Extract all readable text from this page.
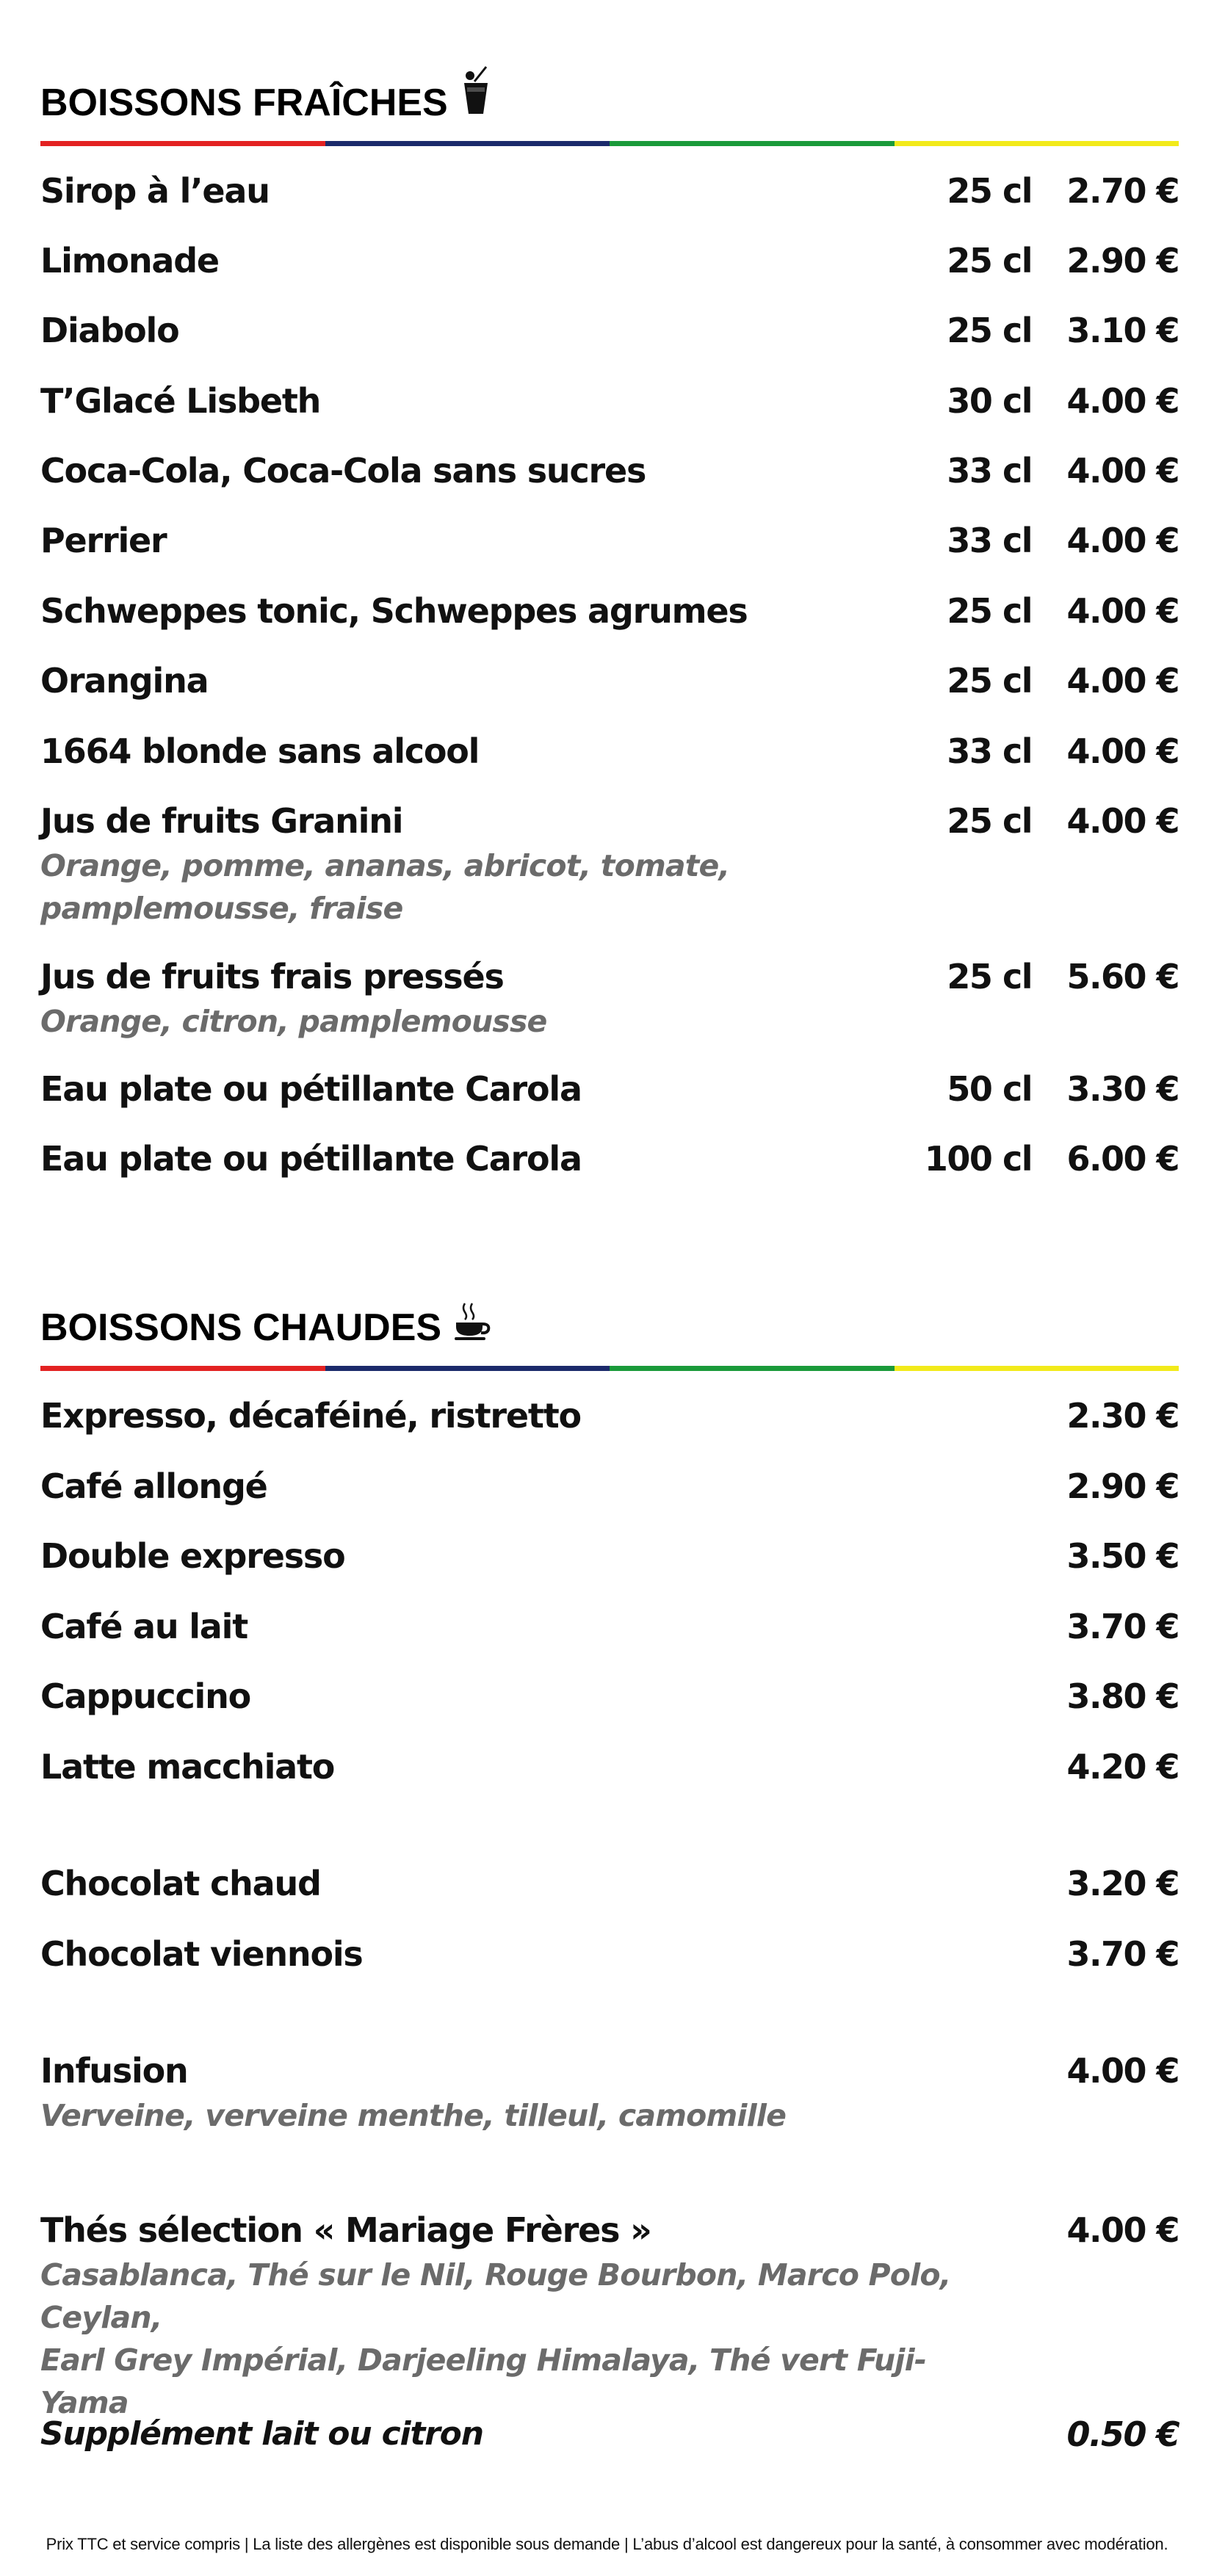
BOISSONS FRAÎCHES
Sirop à l’eau	25 cl	2.70 €
Limonade	25 cl	2.90 €
Diabolo	25 cl	3.10 €
T’Glacé Lisbeth	30 cl	4.00 €
Coca-Cola, Coca-Cola sans sucres	33 cl	4.00 €
Perrier	33 cl	4.00 €
Schweppes tonic, Schweppes agrumes	25 cl	4.00 €
Orangina	25 cl	4.00 €
1664 blonde sans alcool	33 cl	4.00 €
Jus de fruits Granini	25 cl	4.00 €
Orange, pomme, ananas, abricot, tomate,
pamplemousse, fraise
Jus de fruits frais pressés	25 cl	5.60 €
Orange, citron, pamplemousse
Eau plate ou pétillante Carola	50 cl	3.30 €
Eau plate ou pétillante Carola	100 cl	6.00 €
BOISSONS CHAUDES
Expresso, décaféiné, ristretto	2.30 €
Café allongé	2.90 €
Double expresso	3.50 €
Café au lait	3.70 €
Cappuccino	3.80 €
Latte macchiato	4.20 €
Chocolat chaud	3.20 €
Chocolat viennois	3.70 €
Infusion	4.00 €
Verveine, verveine menthe, tilleul, camomille
Thés sélection « Mariage Frères »	4.00 €
Casablanca, Thé sur le Nil, Rouge Bourbon, Marco Polo, Ceylan,
Earl Grey Impérial, Darjeeling Himalaya, Thé vert Fuji-Yama
Supplément lait ou citron	0.50 €
Prix TTC et service compris | La liste des allergènes est disponible sous demande | L’abus d’alcool est dangereux pour la santé, à consommer avec modération.
